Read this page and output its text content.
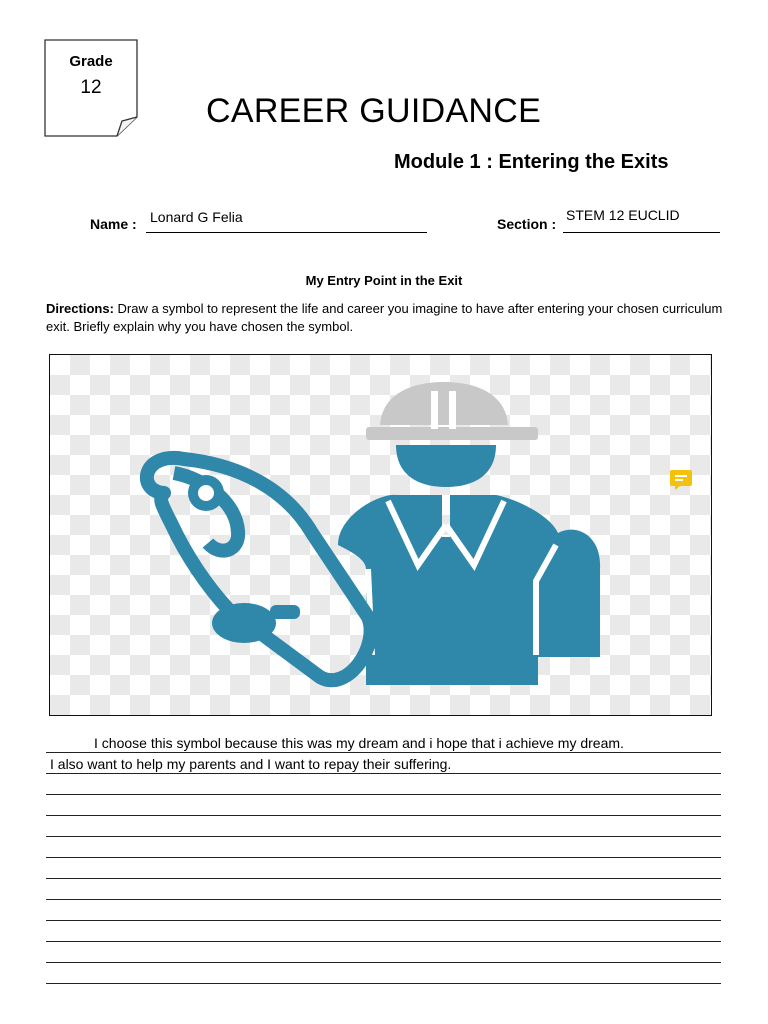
Grade
12
CAREER GUIDANCE
Module 1 : Entering the Exits
Name : Lonard G Felia	Section :
STEM 12 EUCLID
My Entry Point in the Exit
Directions: Draw a symbol to represent the life and career you imagine to have after entering your chosen curriculum exit. Briefly explain why you have chosen the symbol.
I choose this symbol because this was my dream and i hope that i achieve my dream.
I also want to help my parents and I want to repay their suffering.
